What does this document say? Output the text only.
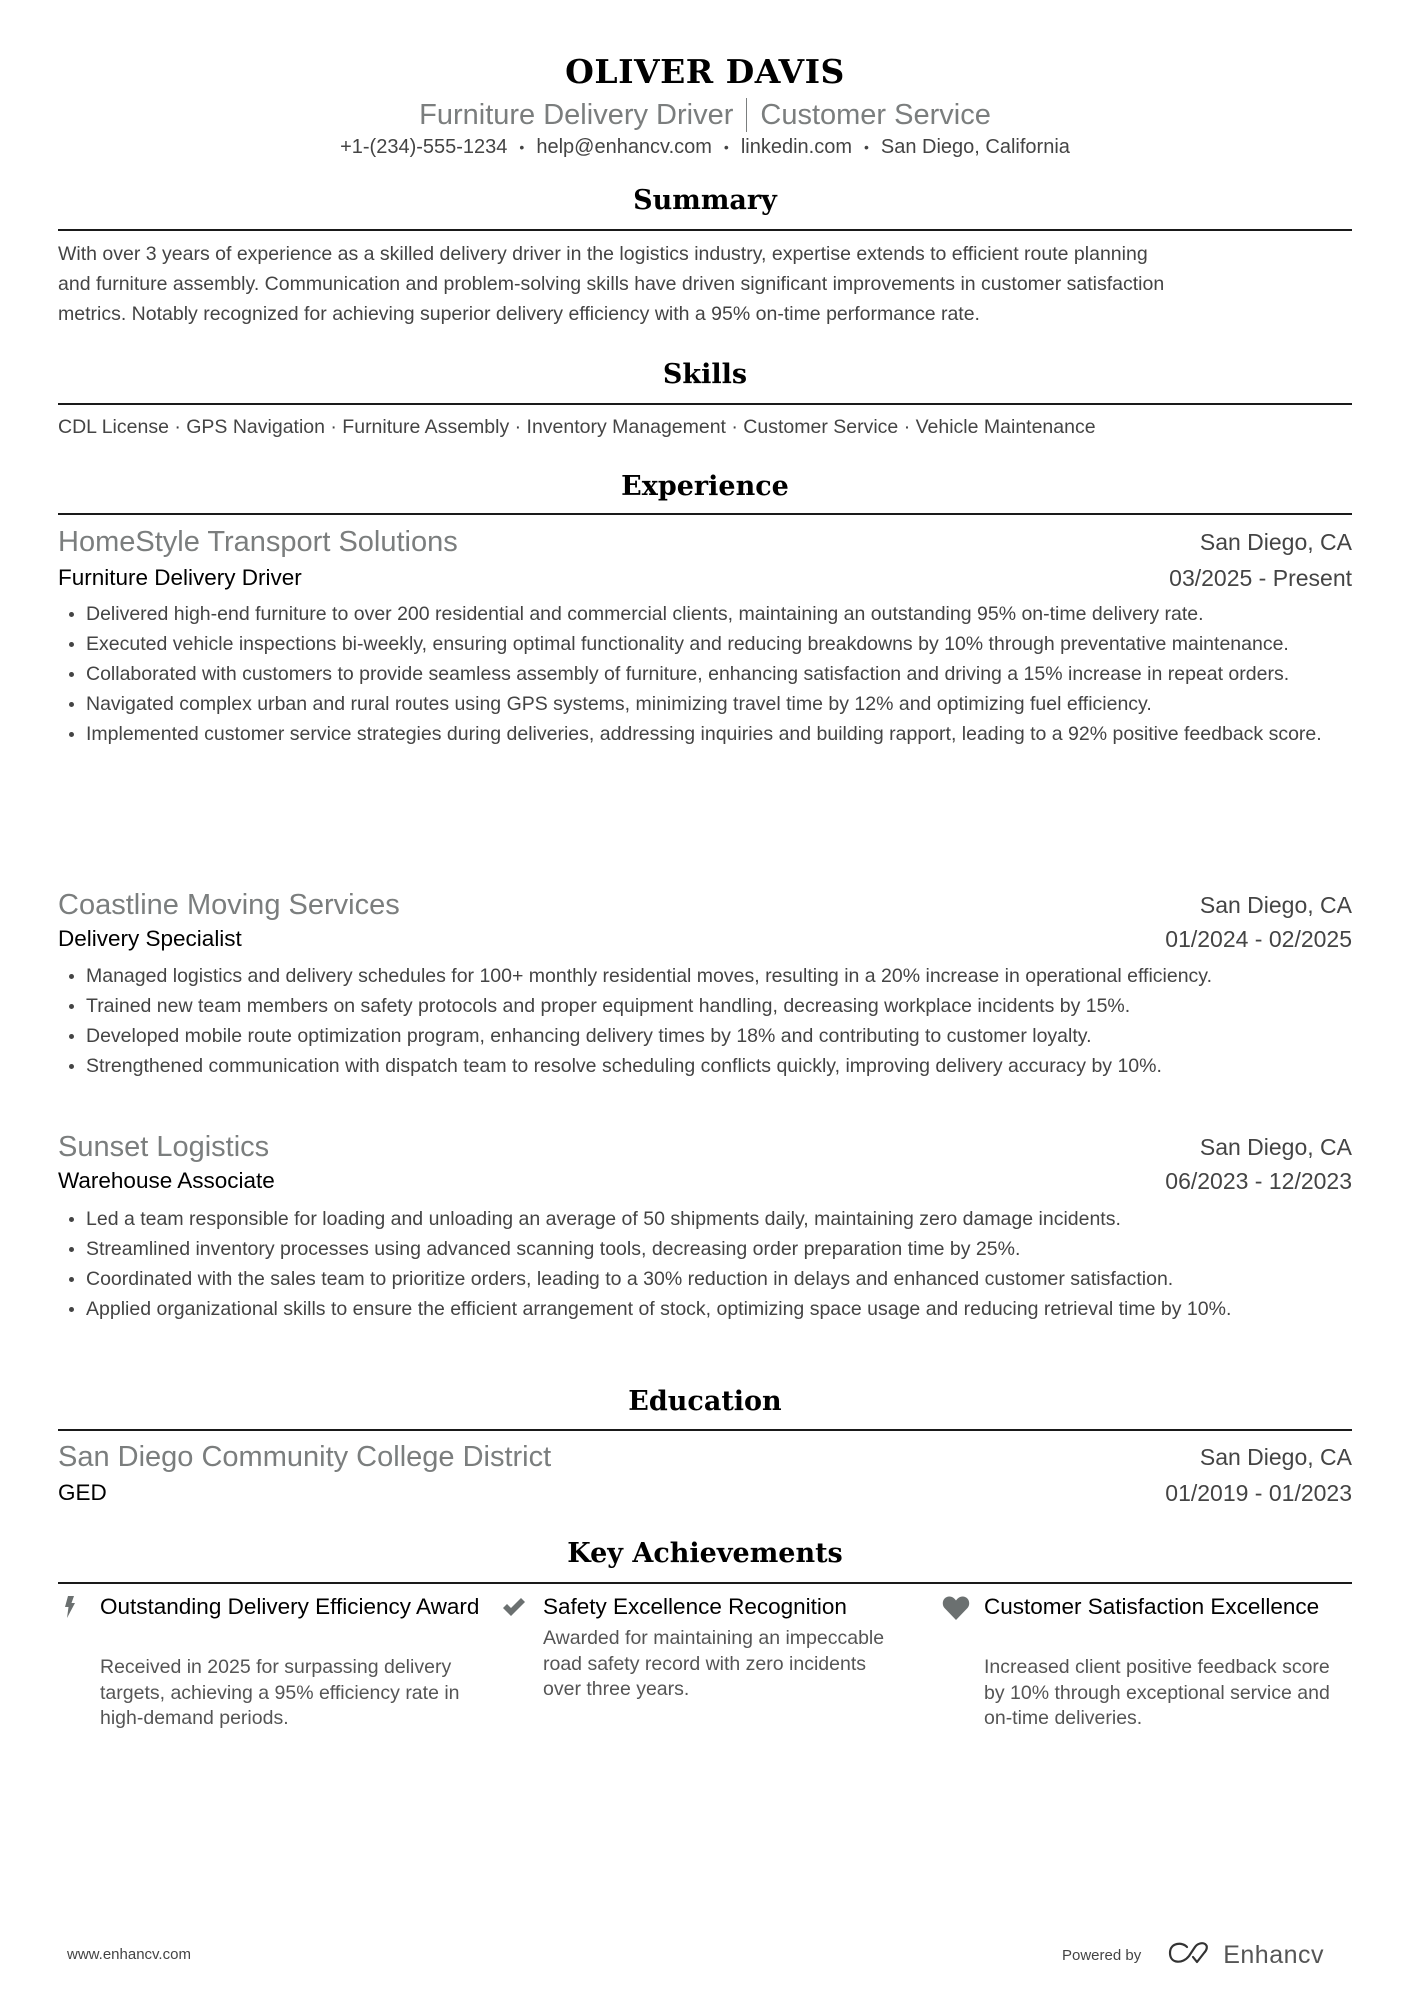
OLIVER DAVIS
Furniture Delivery Driver Customer Service
+1-(234)-555-1234 • help@enhancv.com • linkedin.com • San Diego, California
Summary
With over 3 years of experience as a skilled delivery driver in the logistics industry, expertise extends to efficient route planning
and furniture assembly. Communication and problem-solving skills have driven significant improvements in customer satisfaction
metrics. Notably recognized for achieving superior delivery efficiency with a 95% on-time performance rate.
Skills
CDL License · GPS Navigation · Furniture Assembly · Inventory Management · Customer Service · Vehicle Maintenance
Experience
HomeStyle Transport Solutions	San Diego, CA
Furniture Delivery Driver	03/2025 - Present
Delivered high-end furniture to over 200 residential and commercial clients, maintaining an outstanding 95% on-time delivery rate.
Executed vehicle inspections bi-weekly, ensuring optimal functionality and reducing breakdowns by 10% through preventative maintenance.
Collaborated with customers to provide seamless assembly of furniture, enhancing satisfaction and driving a 15% increase in repeat orders.
Navigated complex urban and rural routes using GPS systems, minimizing travel time by 12% and optimizing fuel efficiency.
Implemented customer service strategies during deliveries, addressing inquiries and building rapport, leading to a 92% positive feedback score.
Coastline Moving Services	San Diego, CA
Delivery Specialist	01/2024 - 02/2025
Managed logistics and delivery schedules for 100+ monthly residential moves, resulting in a 20% increase in operational efficiency.
Trained new team members on safety protocols and proper equipment handling, decreasing workplace incidents by 15%.
Developed mobile route optimization program, enhancing delivery times by 18% and contributing to customer loyalty.
Strengthened communication with dispatch team to resolve scheduling conflicts quickly, improving delivery accuracy by 10%.
Sunset Logistics	San Diego, CA
Warehouse Associate	06/2023 - 12/2023
Led a team responsible for loading and unloading an average of 50 shipments daily, maintaining zero damage incidents.
Streamlined inventory processes using advanced scanning tools, decreasing order preparation time by 25%.
Coordinated with the sales team to prioritize orders, leading to a 30% reduction in delays and enhanced customer satisfaction.
Applied organizational skills to ensure the efficient arrangement of stock, optimizing space usage and reducing retrieval time by 10%.
Education
San Diego Community College District	San Diego, CA
GED	01/2019 - 01/2023
Key Achievements
Outstanding Delivery Efficiency Award
Received in 2025 for surpassing delivery targets, achieving a 95% efficiency rate in high-demand periods.
Safety Excellence Recognition
Awarded for maintaining an impeccable road safety record with zero incidents over three years.
Customer Satisfaction Excellence
Increased client positive feedback score by 10% through exceptional service and on-time deliveries.
www.enhancv.com	Powered by	Enhancv
